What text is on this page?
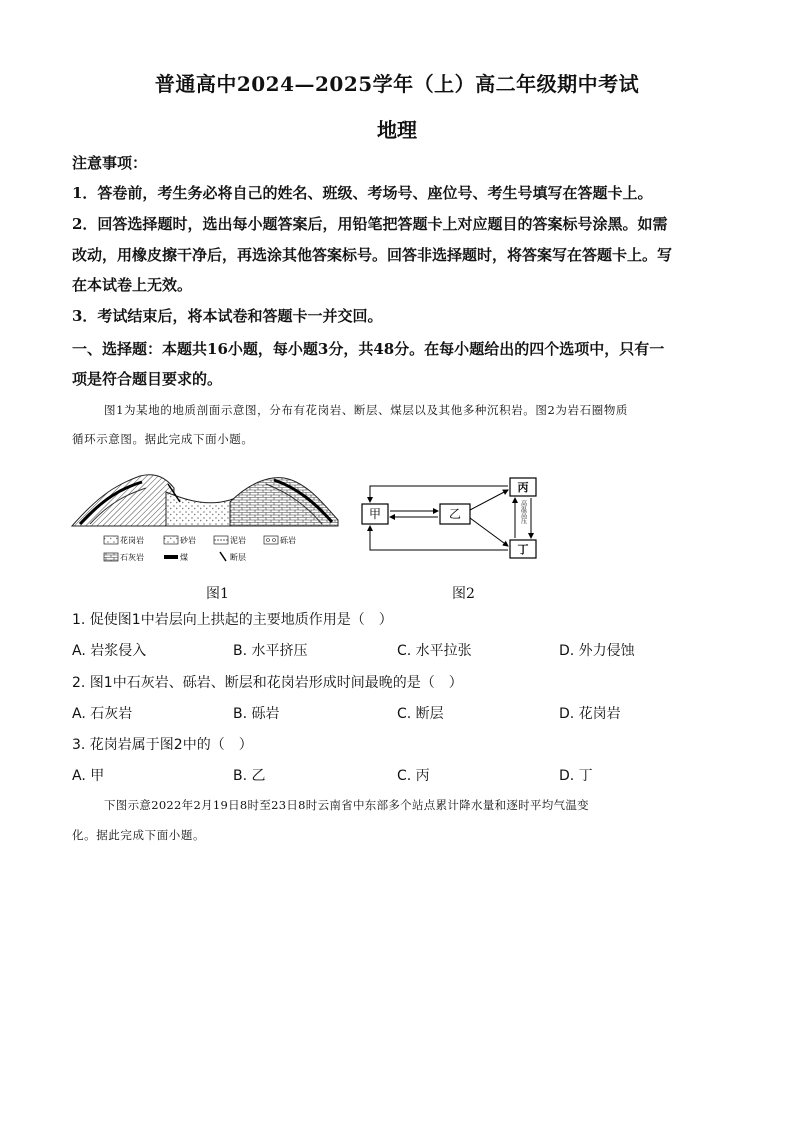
普通高中2024—2025学年（上）高二年级期中考试
地理
注意事项：
1．答卷前，考生务必将自己的姓名、班级、考场号、座位号、考生号填写在答题卡上。
2．回答选择题时，选出每小题答案后，用铅笔把答题卡上对应题目的答案标号涂黑。如需
改动，用橡皮擦干净后，再选涂其他答案标号。回答非选择题时，将答案写在答题卡上。写
在本试卷上无效。
3．考试结束后，将本试卷和答题卡一并交回。
一、选择题：本题共16小题，每小题3分，共48分。在每小题给出的四个选项中，只有一
项是符合题目要求的。
图1为某地的地质剖面示意图，分布有花岗岩、断层、煤层以及其他多种沉积岩。图2为岩石圈物质
循环示意图。据此完成下面小题。
花岗岩	砂岩	泥岩	砾岩
石灰岩	煤	断层
图1
甲	乙
丙
丁
高温高压
图2
1. 促使图1中岩层向上拱起的主要地质作用是（　）
A. 岩浆侵入	B. 水平挤压	C. 水平拉张	D. 外力侵蚀
2. 图1中石灰岩、砾岩、断层和花岗岩形成时间最晚的是（　）
A. 石灰岩	B. 砾岩	C. 断层	D. 花岗岩
3. 花岗岩属于图2中的（　）
A. 甲	B. 乙	C. 丙	D. 丁
下图示意2022年2月19日8时至23日8时云南省中东部多个站点累计降水量和逐时平均气温变
化。据此完成下面小题。
